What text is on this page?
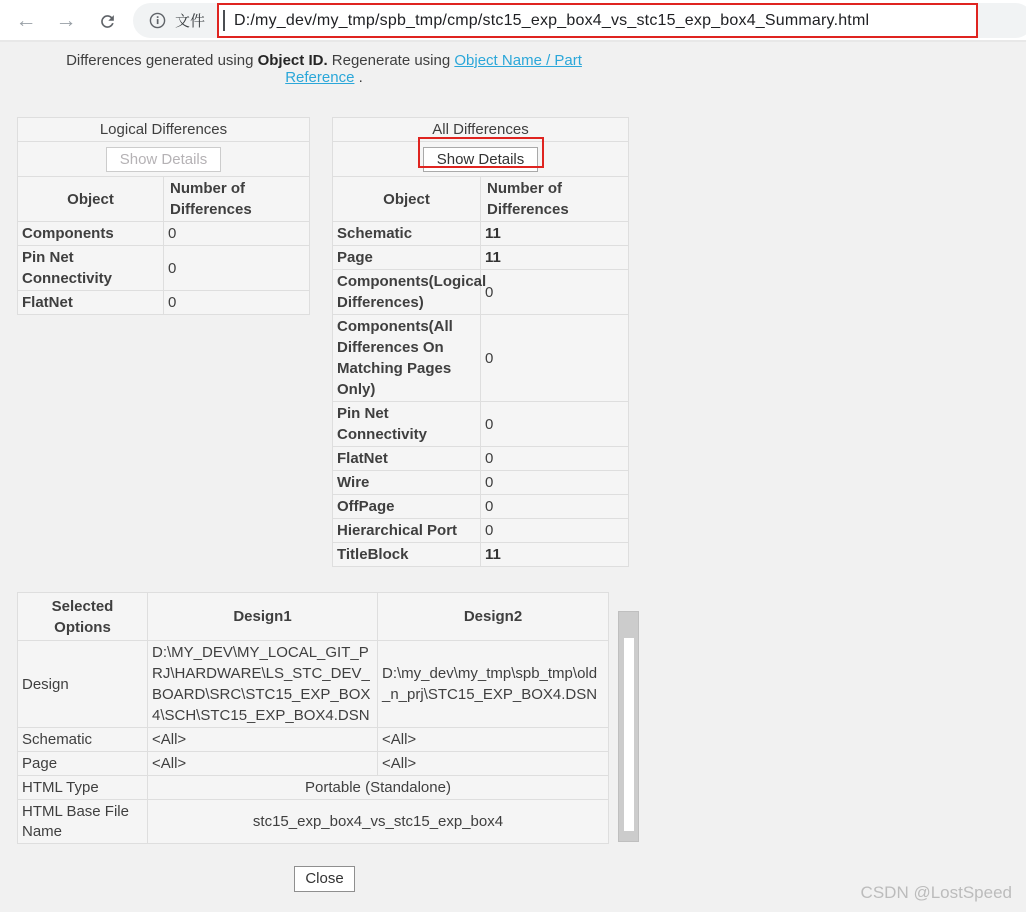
← →	文件 D:/my_dev/my_tmp/spb_tmp/cmp/stc15_exp_box4_vs_stc15_exp_box4_Summary.html
Differences generated using Object ID. Regenerate using Object Name / Part Reference .
Logical Differences	
Show Details	
Object	Number of Differences
Components	0
Pin Net Connectivity	0
FlatNet	0
All Differences	
Show Details	

Object	Number of Differences
Schematic	11
Page	11
Components(Logical Differences)	0
Components(All Differences On Matching Pages Only)	0
Pin Net Connectivity	0
FlatNet	0
Wire	0
OffPage	0
Hierarchical Port	0
TitleBlock	11
Selected Options	Design1	Design2
Design	D:\MY_DEV\MY_LOCAL_GIT_PRJ\HARDWARE\LS_STC_DEV_BOARD\SRC\STC15_EXP_BOX4\SCH\STC15_EXP_BOX4.DSN	D:\my_dev\my_tmp\spb_tmp\old_n_prj\STC15_EXP_BOX4.DSN
Schematic	<All>	<All>
Page	<All>	<All>
HTML Type	Portable (Standalone)	
HTML Base File Name	stc15_exp_box4_vs_stc15_exp_box4	
Close
CSDN @LostSpeed
